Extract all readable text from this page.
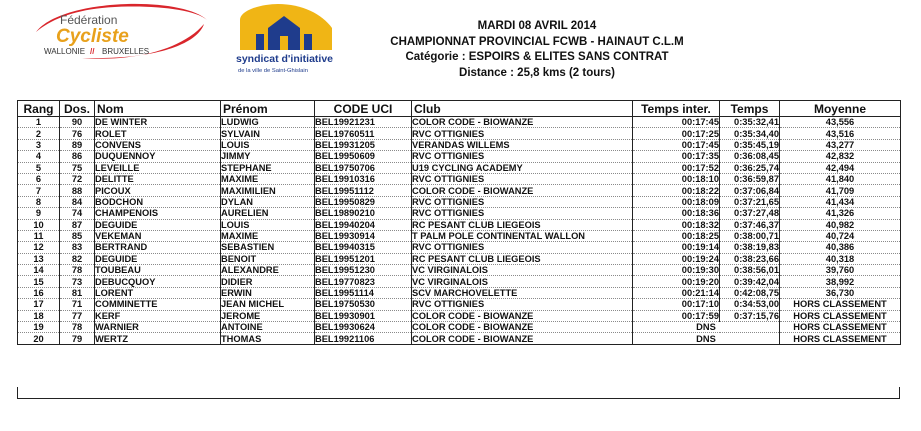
Fédération
Cycliste
WALLONIE // BRUXELLES
syndicat d'initiative
de la ville de Saint-Ghislain
MARDI 08 AVRIL 2014
CHAMPIONNAT PROVINCIAL FCWB - HAINAUT C.L.M
Catégorie : ESPOIRS & ELITES SANS CONTRAT
Distance : 25,8 kms (2 tours)
Rang	Dos.	Nom	Prénom	CODE UCI	Club	Temps inter.	Temps	Moyenne
1	90	DE WINTER	LUDWIG	BEL19921231	COLOR CODE - BIOWANZE	00:17:45	0:35:32,41	43,556
2	76	ROLET	SYLVAIN	BEL19760511	RVC OTTIGNIES	00:17:25	0:35:34,40	43,516
3	89	CONVENS	LOUIS	BEL19931205	VERANDAS WILLEMS	00:17:45	0:35:45,19	43,277
4	86	DUQUENNOY	JIMMY	BEL19950609	RVC OTTIGNIES	00:17:35	0:36:08,45	42,832
5	75	LEVEILLE	STEPHANE	BEL19750706	U19 CYCLING ACADEMY	00:17:52	0:36:25,74	42,494
6	72	DELITTE	MAXIME	BEL19910316	RVC OTTIGNIES	00:18:10	0:36:59,87	41,840
7	88	PICOUX	MAXIMILIEN	BEL19951112	COLOR CODE - BIOWANZE	00:18:22	0:37:06,84	41,709
8	84	BODCHON	DYLAN	BEL19950829	RVC OTTIGNIES	00:18:09	0:37:21,65	41,434
9	74	CHAMPENOIS	AURELIEN	BEL19890210	RVC OTTIGNIES	00:18:36	0:37:27,48	41,326
10	87	DEGUIDE	LOUIS	BEL19940204	RC PESANT CLUB LIEGEOIS	00:18:32	0:37:46,37	40,982
11	85	VEKEMAN	MAXIME	BEL19930914	T PALM POLE CONTINENTAL WALLON	00:18:25	0:38:00,71	40,724
12	83	BERTRAND	SEBASTIEN	BEL19940315	RVC OTTIGNIES	00:19:14	0:38:19,83	40,386
13	82	DEGUIDE	BENOIT	BEL19951201	RC PESANT CLUB LIEGEOIS	00:19:24	0:38:23,66	40,318
14	78	TOUBEAU	ALEXANDRE	BEL19951230	VC VIRGINALOIS	00:19:30	0:38:56,01	39,760
15	73	DEBUCQUOY	DIDIER	BEL19770823	VC VIRGINALOIS	00:19:20	0:39:42,04	38,992
16	81	LORENT	ERWIN	BEL19951114	SCV MARCHOVELETTE	00:21:14	0:42:08,75	36,730
17	71	COMMINETTE	JEAN MICHEL	BEL19750530	RVC OTTIGNIES	00:17:10	0:34:53,00	HORS CLASSEMENT
18	77	KERF	JEROME	BEL19930901	COLOR CODE - BIOWANZE	00:17:59	0:37:15,76	HORS CLASSEMENT
19	78	WARNIER	ANTOINE	BEL19930624	COLOR CODE - BIOWANZE	DNS		HORS CLASSEMENT
20	79	WERTZ	THOMAS	BEL19921106	COLOR CODE - BIOWANZE	DNS		HORS CLASSEMENT
